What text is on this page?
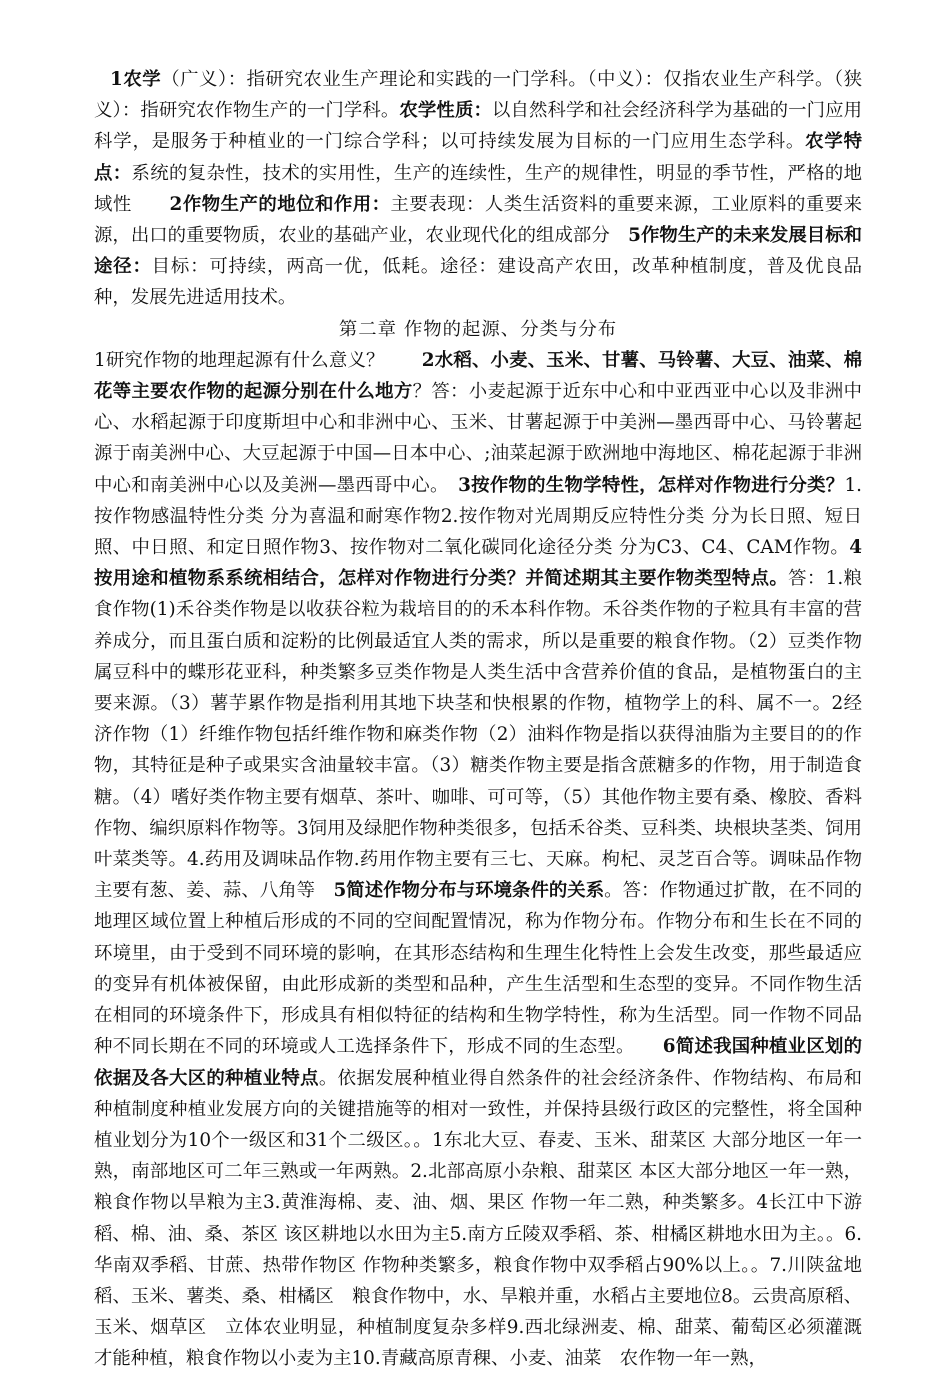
1农学（广义）：指研究农业生产理论和实践的一门学科。（中义）：仅指农业生产科学。（狭义）：指研究农作物生产的一门学科。农学性质：以自然科学和社会经济科学为基础的一门应用科学，是服务于种植业的一门综合学科；以可持续发展为目标的一门应用生态学科。农学特点：系统的复杂性，技术的实用性，生产的连续性，生产的规律性，明显的季节性，严格的地域性　　2作物生产的地位和作用：主要表现：人类生活资料的重要来源，工业原料的重要来源，出口的重要物质，农业的基础产业，农业现代化的组成部分　5作物生产的未来发展目标和途径：目标：可持续，两高一优，低耗。途径：建设高产农田，改革种植制度，普及优良品种，发展先进适用技术。

第二章 作物的起源、分类与分布

1研究作物的地理起源有什么意义？　　2水稻、小麦、玉米、甘薯、马铃薯、大豆、油菜、棉花等主要农作物的起源分别在什么地方？答：小麦起源于近东中心和中亚西亚中心以及非洲中心、水稻起源于印度斯坦中心和非洲中心、玉米、甘薯起源于中美洲—墨西哥中心、马铃薯起源于南美洲中心、大豆起源于中国—日本中心、;油菜起源于欧洲地中海地区、棉花起源于非洲中心和南美洲中心以及美洲—墨西哥中心。　3按作物的生物学特性，怎样对作物进行分类？1.按作物感温特性分类 分为喜温和耐寒作物2.按作物对光周期反应特性分类 分为长日照、短日照、中日照、和定日照作物3、按作物对二氧化碳同化途径分类 分为C3、C4、CAM作物。4按用途和植物系系统相结合，怎样对作物进行分类？并简述期其主要作物类型特点。答：1.粮食作物(1)禾谷类作物是以收获谷粒为栽培目的的禾本科作物。禾谷类作物的子粒具有丰富的营养成分，而且蛋白质和淀粉的比例最适宜人类的需求，所以是重要的粮食作物。（2）豆类作物 属豆科中的蝶形花亚科，种类繁多豆类作物是人类生活中含营养价值的食品，是植物蛋白的主要来源。（3）薯芋累作物是指利用其地下块茎和快根累的作物，植物学上的科、属不一。2经济作物（1）纤维作物包括纤维作物和麻类作物（2）油料作物是指以获得油脂为主要目的的作物，其特征是种子或果实含油量较丰富。（3）糖类作物主要是指含蔗糖多的作物，用于制造食糖。（4）嗜好类作物主要有烟草、茶叶、咖啡、可可等，（5）其他作物主要有桑、橡胶、香料作物、编织原料作物等。3饲用及绿肥作物种类很多，包括禾谷类、豆科类、块根块茎类、饲用叶菜类等。4.药用及调味品作物.药用作物主要有三七、天麻。枸杞、灵芝百合等。调味品作物主要有葱、姜、蒜、八角等　5简述作物分布与环境条件的关系。答：作物通过扩散，在不同的地理区域位置上种植后形成的不同的空间配置情况，称为作物分布。作物分布和生长在不同的环境里，由于受到不同环境的影响，在其形态结构和生理生化特性上会发生改变，那些最适应的变异有机体被保留，由此形成新的类型和品种，产生生活型和生态型的变异。不同作物生活在相同的环境条件下，形成具有相似特征的结构和生物学特性，称为生活型。同一作物不同品种不同长期在不同的环境或人工选择条件下，形成不同的生态型。　　6简述我国种植业区划的依据及各大区的种植业特点。依据发展种植业得自然条件的社会经济条件、作物结构、布局和种植制度种植业发展方向的关键措施等的相对一致性，并保持县级行政区的完整性，将全国种植业划分为10个一级区和31个二级区。。1东北大豆、春麦、玉米、甜菜区 大部分地区一年一熟，南部地区可二年三熟或一年两熟。2.北部高原小杂粮、甜菜区 本区大部分地区一年一熟，粮食作物以旱粮为主3.黄淮海棉、麦、油、烟、果区 作物一年二熟，种类繁多。4长江中下游稻、棉、油、桑、茶区 该区耕地以水田为主5.南方丘陵双季稻、茶、柑橘区耕地水田为主。。6.华南双季稻、甘蔗、热带作物区 作物种类繁多，粮食作物中双季稻占90%以上。。7.川陕盆地稻、玉米、薯类、桑、柑橘区　粮食作物中，水、旱粮并重，水稻占主要地位8。云贵高原稻、玉米、烟草区　立体农业明显，种植制度复杂多样9.西北绿洲麦、棉、甜菜、葡萄区必须灌溉才能种植，粮食作物以小麦为主10.青藏高原青稞、小麦、油菜　农作物一年一熟，
